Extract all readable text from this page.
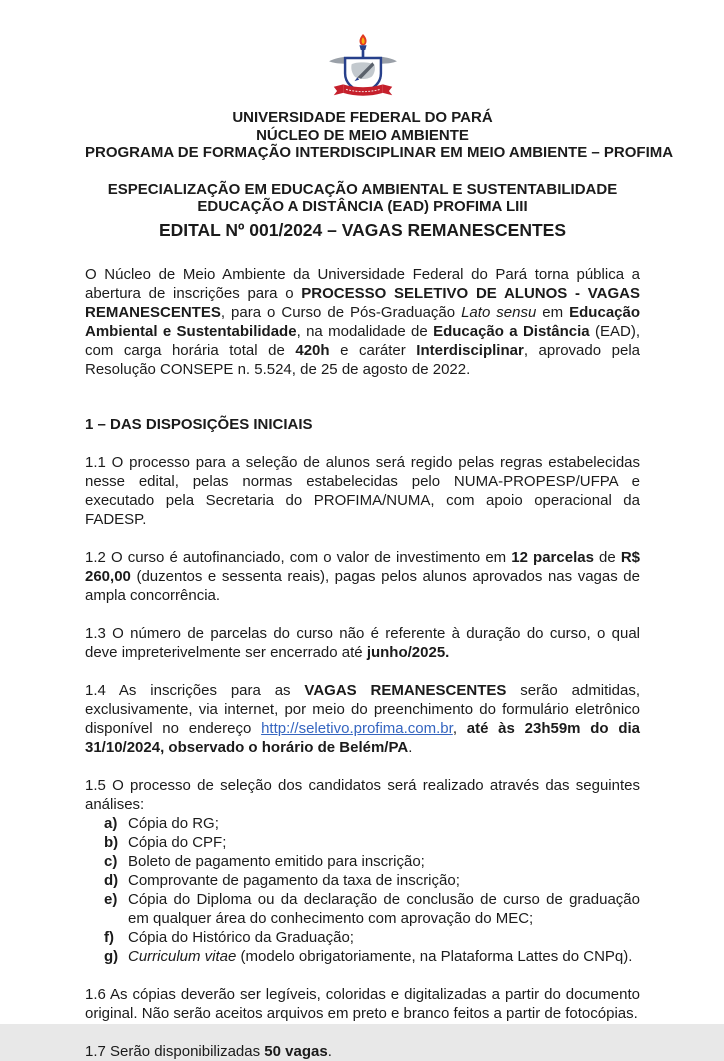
UNIVERSIDADE FEDERAL DO PARÁ
NÚCLEO DE MEIO AMBIENTE
PROGRAMA DE FORMAÇÃO INTERDISCIPLINAR EM MEIO AMBIENTE – PROFIMA
ESPECIALIZAÇÃO EM EDUCAÇÃO AMBIENTAL E SUSTENTABILIDADE
EDUCAÇÃO A DISTÂNCIA (EAD) PROFIMA LIII
EDITAL Nº 001/2024 – VAGAS REMANESCENTES

O Núcleo de Meio Ambiente da Universidade Federal do Pará torna pública a abertura de inscrições para o PROCESSO SELETIVO DE ALUNOS - VAGAS REMANESCENTES, para o Curso de Pós-Graduação Lato sensu em Educação Ambiental e Sustentabilidade, na modalidade de Educação a Distância (EAD), com carga horária total de 420h e caráter Interdisciplinar, aprovado pela Resolução CONSEPE n. 5.524, de 25 de agosto de 2022.

1 – DAS DISPOSIÇÕES INICIAIS

1.1 O processo para a seleção de alunos será regido pelas regras estabelecidas nesse edital, pelas normas estabelecidas pelo NUMA-PROPESP/UFPA e executado pela Secretaria do PROFIMA/NUMA, com apoio operacional da FADESP.

1.2 O curso é autofinanciado, com o valor de investimento em 12 parcelas de R$ 260,00 (duzentos e sessenta reais), pagas pelos alunos aprovados nas vagas de ampla concorrência.

1.3 O número de parcelas do curso não é referente à duração do curso, o qual deve impreterivelmente ser encerrado até junho/2025.

1.4 As inscrições para as VAGAS REMANESCENTES serão admitidas, exclusivamente, via internet, por meio do preenchimento do formulário eletrônico disponível no endereço http://seletivo.profima.com.br, até às 23h59m do dia 31/10/2024, observado o horário de Belém/PA.

1.5 O processo de seleção dos candidatos será realizado através das seguintes análises:

a) Cópia do RG;
b) Cópia do CPF;
c) Boleto de pagamento emitido para inscrição;
d) Comprovante de pagamento da taxa de inscrição;
e) Cópia do Diploma ou da declaração de conclusão de curso de graduação em qualquer área do conhecimento com aprovação do MEC;
f) Cópia do Histórico da Graduação;
g) Curriculum vitae (modelo obrigatoriamente, na Plataforma Lattes do CNPq).

1.6 As cópias deverão ser legíveis, coloridas e digitalizadas a partir do documento original. Não serão aceitos arquivos em preto e branco feitos a partir de fotocópias.

1.7 Serão disponibilizadas 50 vagas.
